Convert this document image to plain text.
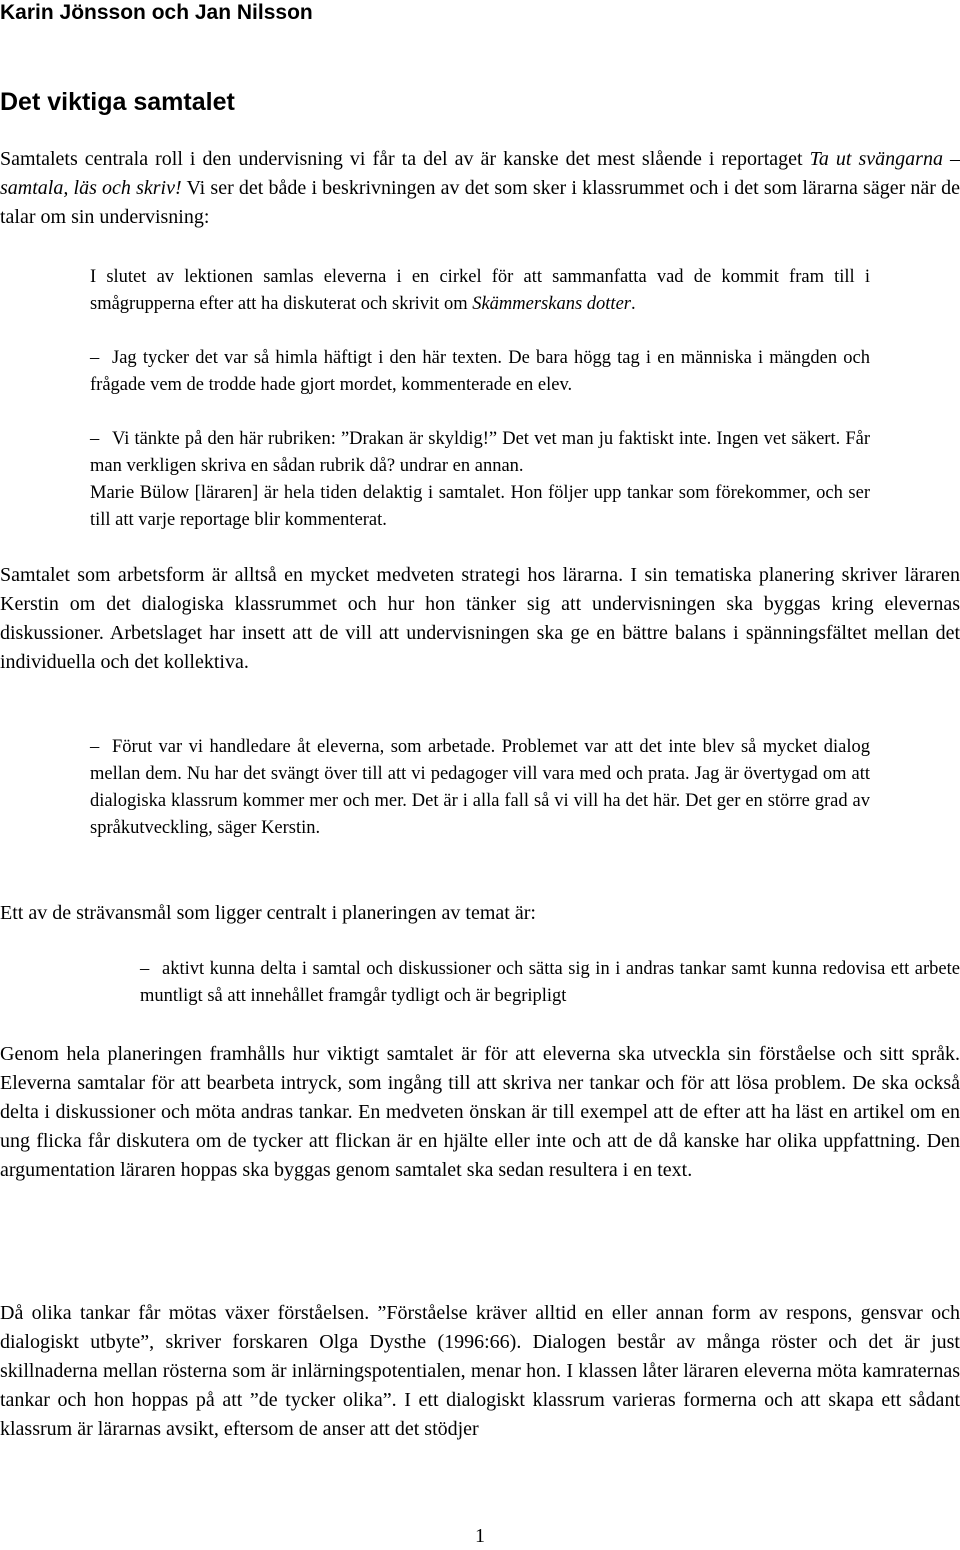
Karin Jönsson och Jan Nilsson

Det viktiga samtalet

Samtalets centrala roll i den undervisning vi får ta del av är kanske det mest slående i reportaget Ta ut svängarna – samtala, läs och skriv! Vi ser det både i beskrivningen av det som sker i klassrummet och i det som lärarna säger när de talar om sin undervisning:

I slutet av lektionen samlas eleverna i en cirkel för att sammanfatta vad de kommit fram till i smågrupperna efter att ha diskuterat och skrivit om Skämmerskans dotter.

– Jag tycker det var så himla häftigt i den här texten. De bara högg tag i en människa i mängden och frågade vem de trodde hade gjort mordet, kommenterade en elev.

– Vi tänkte på den här rubriken: ”Drakan är skyldig!” Det vet man ju faktiskt inte. Ingen vet säkert. Får man verkligen skriva en sådan rubrik då? undrar en annan.

Marie Bülow [läraren] är hela tiden delaktig i samtalet. Hon följer upp tankar som förekommer, och ser till att varje reportage blir kommenterat.

Samtalet som arbetsform är alltså en mycket medveten strategi hos lärarna. I sin tematiska planering skriver läraren Kerstin om det dialogiska klassrummet och hur hon tänker sig att undervisningen ska byggas kring elevernas diskussioner. Arbetslaget har insett att de vill att undervisningen ska ge en bättre balans i spänningsfältet mellan det individuella och det kollektiva.

– Förut var vi handledare åt eleverna, som arbetade. Problemet var att det inte blev så mycket dialog mellan dem. Nu har det svängt över till att vi pedagoger vill vara med och prata. Jag är övertygad om att dialogiska klassrum kommer mer och mer. Det är i alla fall så vi vill ha det här. Det ger en större grad av språkutveckling, säger Kerstin.

Ett av de strävansmål som ligger centralt i planeringen av temat är:

– aktivt kunna delta i samtal och diskussioner och sätta sig in i andras tankar samt kunna redovisa ett arbete muntligt så att innehållet framgår tydligt och är begripligt

Genom hela planeringen framhålls hur viktigt samtalet är för att eleverna ska utveckla sin förståelse och sitt språk. Eleverna samtalar för att bearbeta intryck, som ingång till att skriva ner tankar och för att lösa problem. De ska också delta i diskussioner och möta andras tankar. En medveten önskan är till exempel att de efter att ha läst en artikel om en ung flicka får diskutera om de tycker att flickan är en hjälte eller inte och att de då kanske har olika uppfattning. Den argumentation läraren hoppas ska byggas genom samtalet ska sedan resultera i en text.

Då olika tankar får mötas växer förståelsen. ”Förståelse kräver alltid en eller annan form av respons, gensvar och dialogiskt utbyte”, skriver forskaren Olga Dysthe (1996:66). Dialogen består av många röster och det är just skillnaderna mellan rösterna som är inlärningspotentialen, menar hon. I klassen låter läraren eleverna möta kamraternas tankar och hon hoppas på att ”de tycker olika”. I ett dialogiskt klassrum varieras formerna och att skapa ett sådant klassrum är lärarnas avsikt, eftersom de anser att det stödjer

1
